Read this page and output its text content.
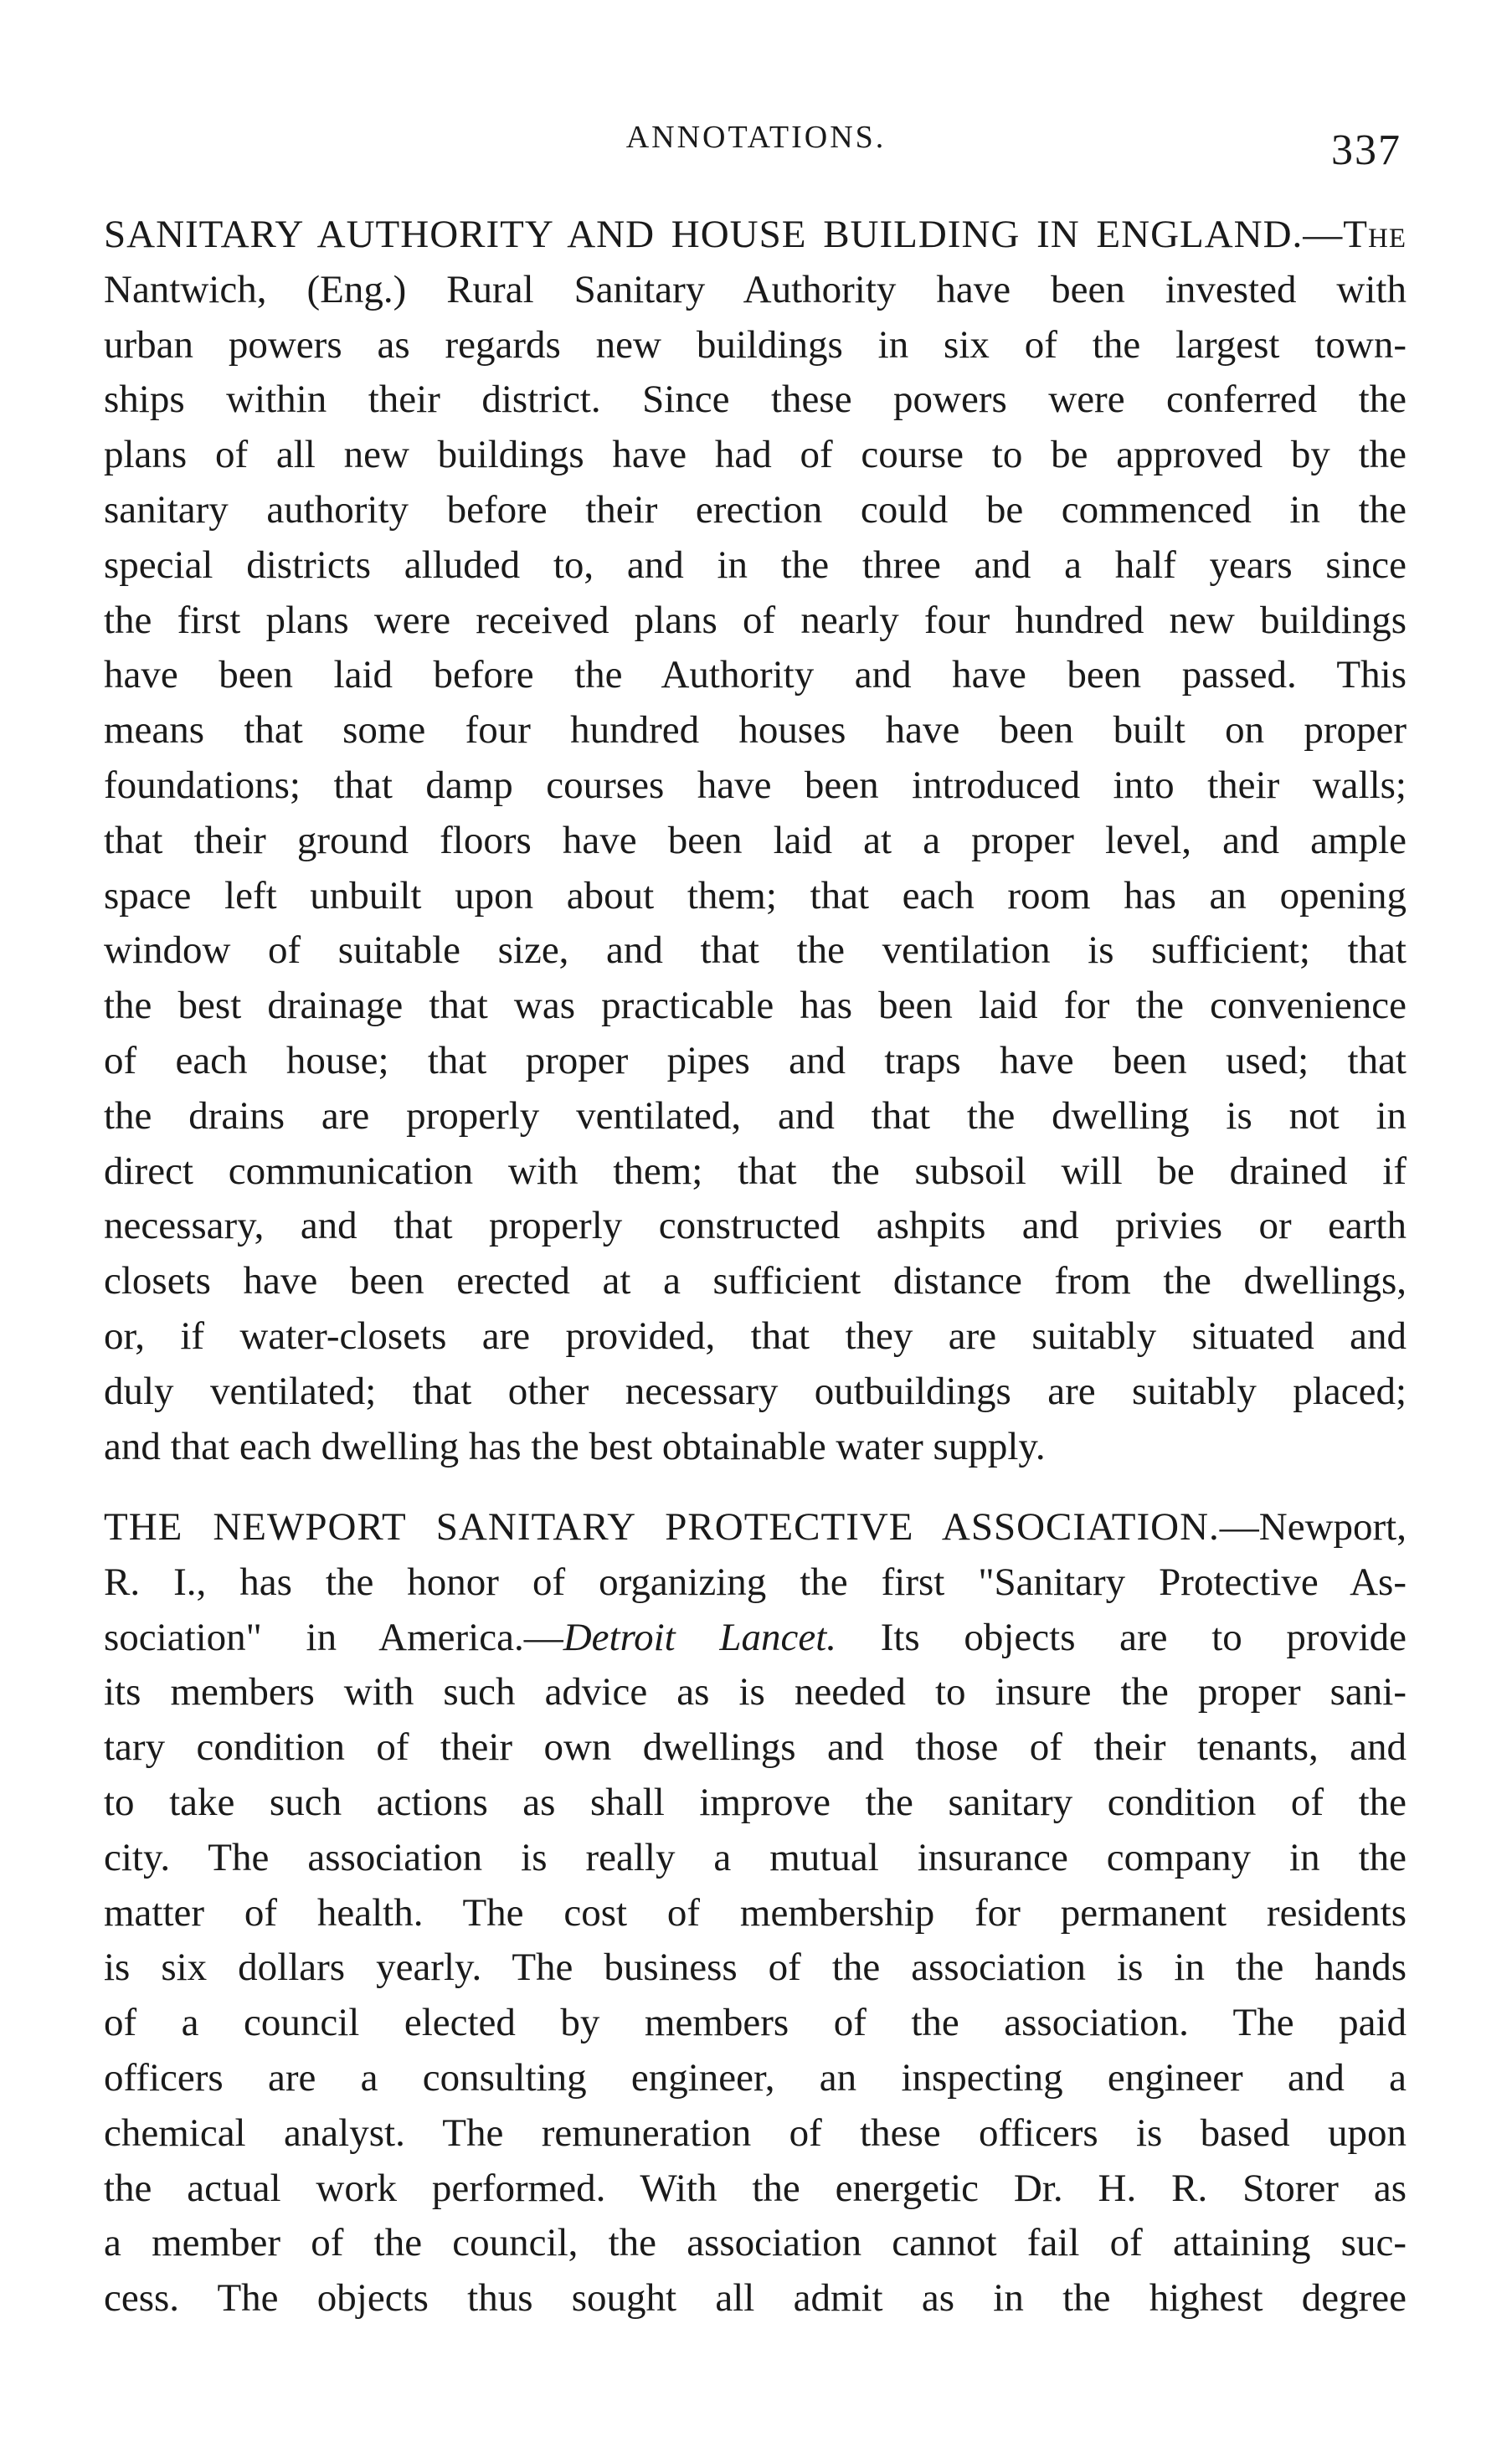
ANNOTATIONS.	337
SANITARY AUTHORITY AND HOUSE BUILDING IN ENGLAND.—The
Nantwich, (Eng.) Rural Sanitary Authority have been invested with
urban powers as regards new buildings in six of the largest town-
ships within their district. Since these powers were conferred the
plans of all new buildings have had of course to be approved by the
sanitary authority before their erection could be commenced in the
special districts alluded to, and in the three and a half years since
the first plans were received plans of nearly four hundred new buildings
have been laid before the Authority and have been passed. This
means that some four hundred houses have been built on proper
foundations; that damp courses have been introduced into their walls;
that their ground floors have been laid at a proper level, and ample
space left unbuilt upon about them; that each room has an opening
window of suitable size, and that the ventilation is sufficient; that
the best drainage that was practicable has been laid for the convenience
of each house; that proper pipes and traps have been used; that
the drains are properly ventilated, and that the dwelling is not in
direct communication with them; that the subsoil will be drained if
necessary, and that properly constructed ashpits and privies or earth
closets have been erected at a sufficient distance from the dwellings,
or, if water-closets are provided, that they are suitably situated and
duly ventilated; that other necessary outbuildings are suitably placed;
and that each dwelling has the best obtainable water supply.
THE NEWPORT SANITARY PROTECTIVE ASSOCIATION.—Newport,
R. I., has the honor of organizing the first "Sanitary Protective As-
sociation" in America.—Detroit Lancet. Its objects are to provide
its members with such advice as is needed to insure the proper sani-
tary condition of their own dwellings and those of their tenants, and
to take such actions as shall improve the sanitary condition of the
city. The association is really a mutual insurance company in the
matter of health. The cost of membership for permanent residents
is six dollars yearly. The business of the association is in the hands
of a council elected by members of the association. The paid
officers are a consulting engineer, an inspecting engineer and a
chemical analyst. The remuneration of these officers is based upon
the actual work performed. With the energetic Dr. H. R. Storer as
a member of the council, the association cannot fail of attaining suc-
cess. The objects thus sought all admit as in the highest degree
